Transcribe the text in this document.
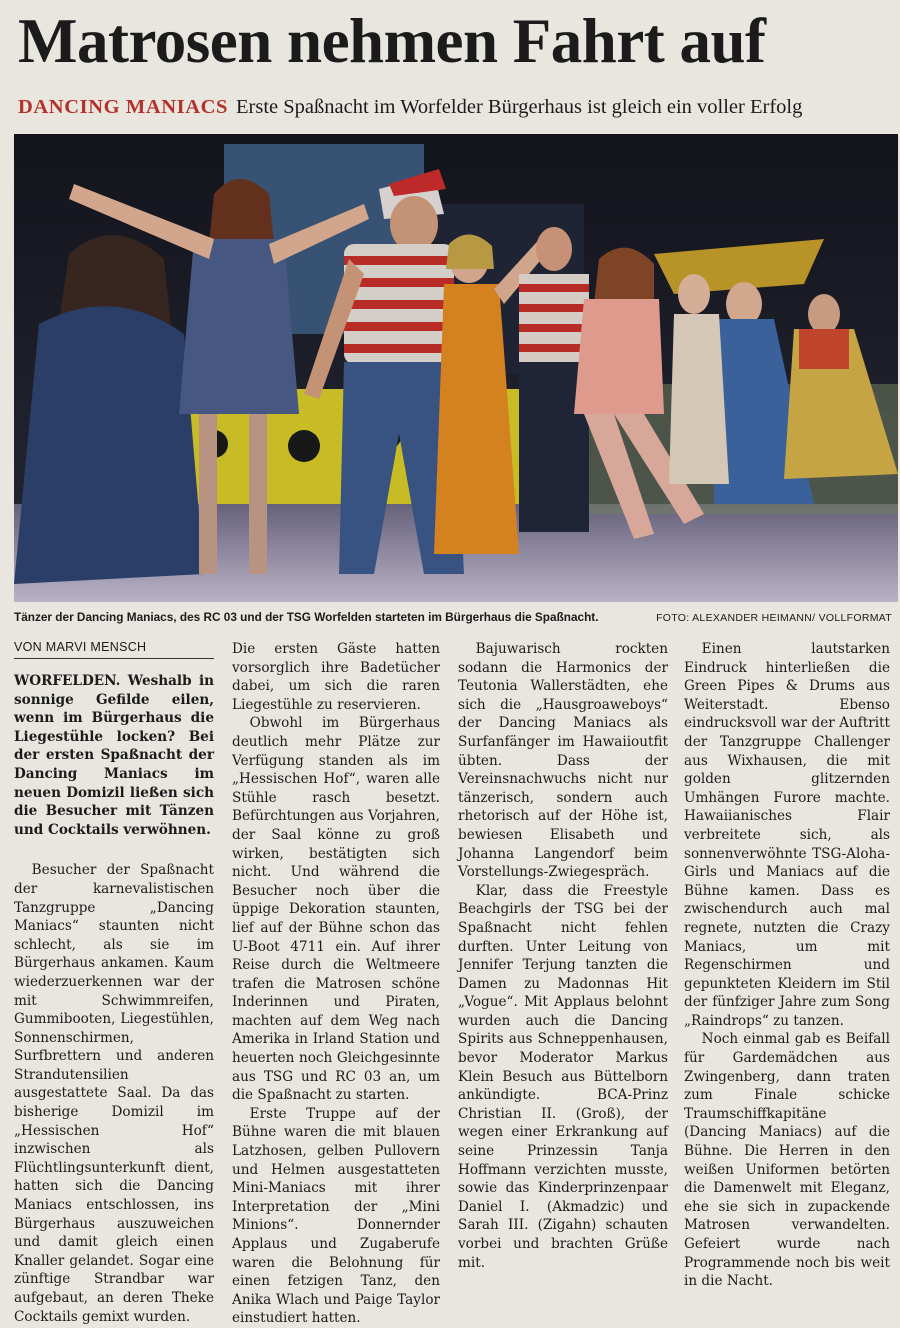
Matrosen nehmen Fahrt auf
DANCING MANIACS Erste Spaßnacht im Worfelder Bürgerhaus ist gleich ein voller Erfolg
Tänzer der Dancing Maniacs, des RC 03 und der TSG Worfelden starteten im Bürgerhaus die Spaßnacht.	FOTO: ALEXANDER HEIMANN/ VOLLFORMAT
VON MARVI MENSCH

WORFELDEN. Weshalb in sonnige Gefilde eilen, wenn im Bürgerhaus die Liegestühle locken? Bei der ersten Spaßnacht der Dancing Maniacs im neuen Domizil ließen sich die Besucher mit Tänzen und Cocktails verwöhnen.

Besucher der Spaßnacht der karnevalistischen Tanzgruppe „Dancing Maniacs“ staunten nicht schlecht, als sie im Bürgerhaus ankamen. Kaum wiederzuerkennen war der mit Schwimmreifen, Gummibooten, Liegestühlen, Sonnenschirmen, Surfbrettern und anderen Strandutensilien ausgestattete Saal. Da das bisherige Domizil im „Hessischen Hof“ inzwischen als Flüchtlingsunterkunft dient, hatten sich die Dancing Maniacs entschlossen, ins Bürgerhaus auszuweichen und damit gleich einen Knaller gelandet. Sogar eine zünftige Strandbar war aufgebaut, an deren Theke Cocktails gemixt wurden.

Die ersten Gäste hatten vorsorglich ihre Badetücher dabei, um sich die raren Liegestühle zu reservieren.

Obwohl im Bürgerhaus deutlich mehr Plätze zur Verfügung standen als im „Hessischen Hof“, waren alle Stühle rasch besetzt. Befürchtungen aus Vorjahren, der Saal könne zu groß wirken, bestätigten sich nicht. Und während die Besucher noch über die üppige Dekoration staunten, lief auf der Bühne schon das U-Boot 4711 ein. Auf ihrer Reise durch die Weltmeere trafen die Matrosen schöne Inderinnen und Piraten, machten auf dem Weg nach Amerika in Irland Station und heuerten noch Gleichgesinnte aus TSG und RC 03 an, um die Spaßnacht zu starten.

Erste Truppe auf der Bühne waren die mit blauen Latzhosen, gelben Pullovern und Helmen ausgestatteten Mini-Maniacs mit ihrer Interpretation der „Mini Minions“. Donnernder Applaus und Zugaberufe waren die Belohnung für einen fetzigen Tanz, den Anika Wlach und Paige Taylor einstudiert hatten.

Bajuwarisch rockten sodann die Harmonics der Teutonia Wallerstädten, ehe sich die „Hausgroaweboys“ der Dancing Maniacs als Surfanfänger im Hawaiioutfit übten. Dass der Vereinsnachwuchs nicht nur tänzerisch, sondern auch rhetorisch auf der Höhe ist, bewiesen Elisabeth und Johanna Langendorf beim Vorstellungs-Zwiegespräch.

Klar, dass die Freestyle Beachgirls der TSG bei der Spaßnacht nicht fehlen durften. Unter Leitung von Jennifer Terjung tanzten die Damen zu Madonnas Hit „Vogue“. Mit Applaus belohnt wurden auch die Dancing Spirits aus Schneppenhausen, bevor Moderator Markus Klein Besuch aus Büttelborn ankündigte. BCA-Prinz Christian II. (Groß), der wegen einer Erkrankung auf seine Prinzessin Tanja Hoffmann verzichten musste, sowie das Kinderprinzenpaar Daniel I. (Akmadzic) und Sarah III. (Zigahn) schauten vorbei und brachten Grüße mit.

Einen lautstarken Eindruck hinterließen die Green Pipes & Drums aus Weiterstadt. Ebenso eindrucksvoll war der Auftritt der Tanzgruppe Challenger aus Wixhausen, die mit golden glitzernden Umhängen Furore machte. Hawaiianisches Flair verbreitete sich, als sonnenverwöhnte TSG-Aloha-Girls und Maniacs auf die Bühne kamen. Dass es zwischendurch auch mal regnete, nutzten die Crazy Maniacs, um mit Regenschirmen und gepunkteten Kleidern im Stil der fünfziger Jahre zum Song „Raindrops“ zu tanzen.

Noch einmal gab es Beifall für Gardemädchen aus Zwingenberg, dann traten zum Finale schicke Traumschiffkapitäne (Dancing Maniacs) auf die Bühne. Die Herren in den weißen Uniformen betörten die Damenwelt mit Eleganz, ehe sie sich in zupackende Matrosen verwandelten. Gefeiert wurde nach Programmende noch bis weit in die Nacht.
